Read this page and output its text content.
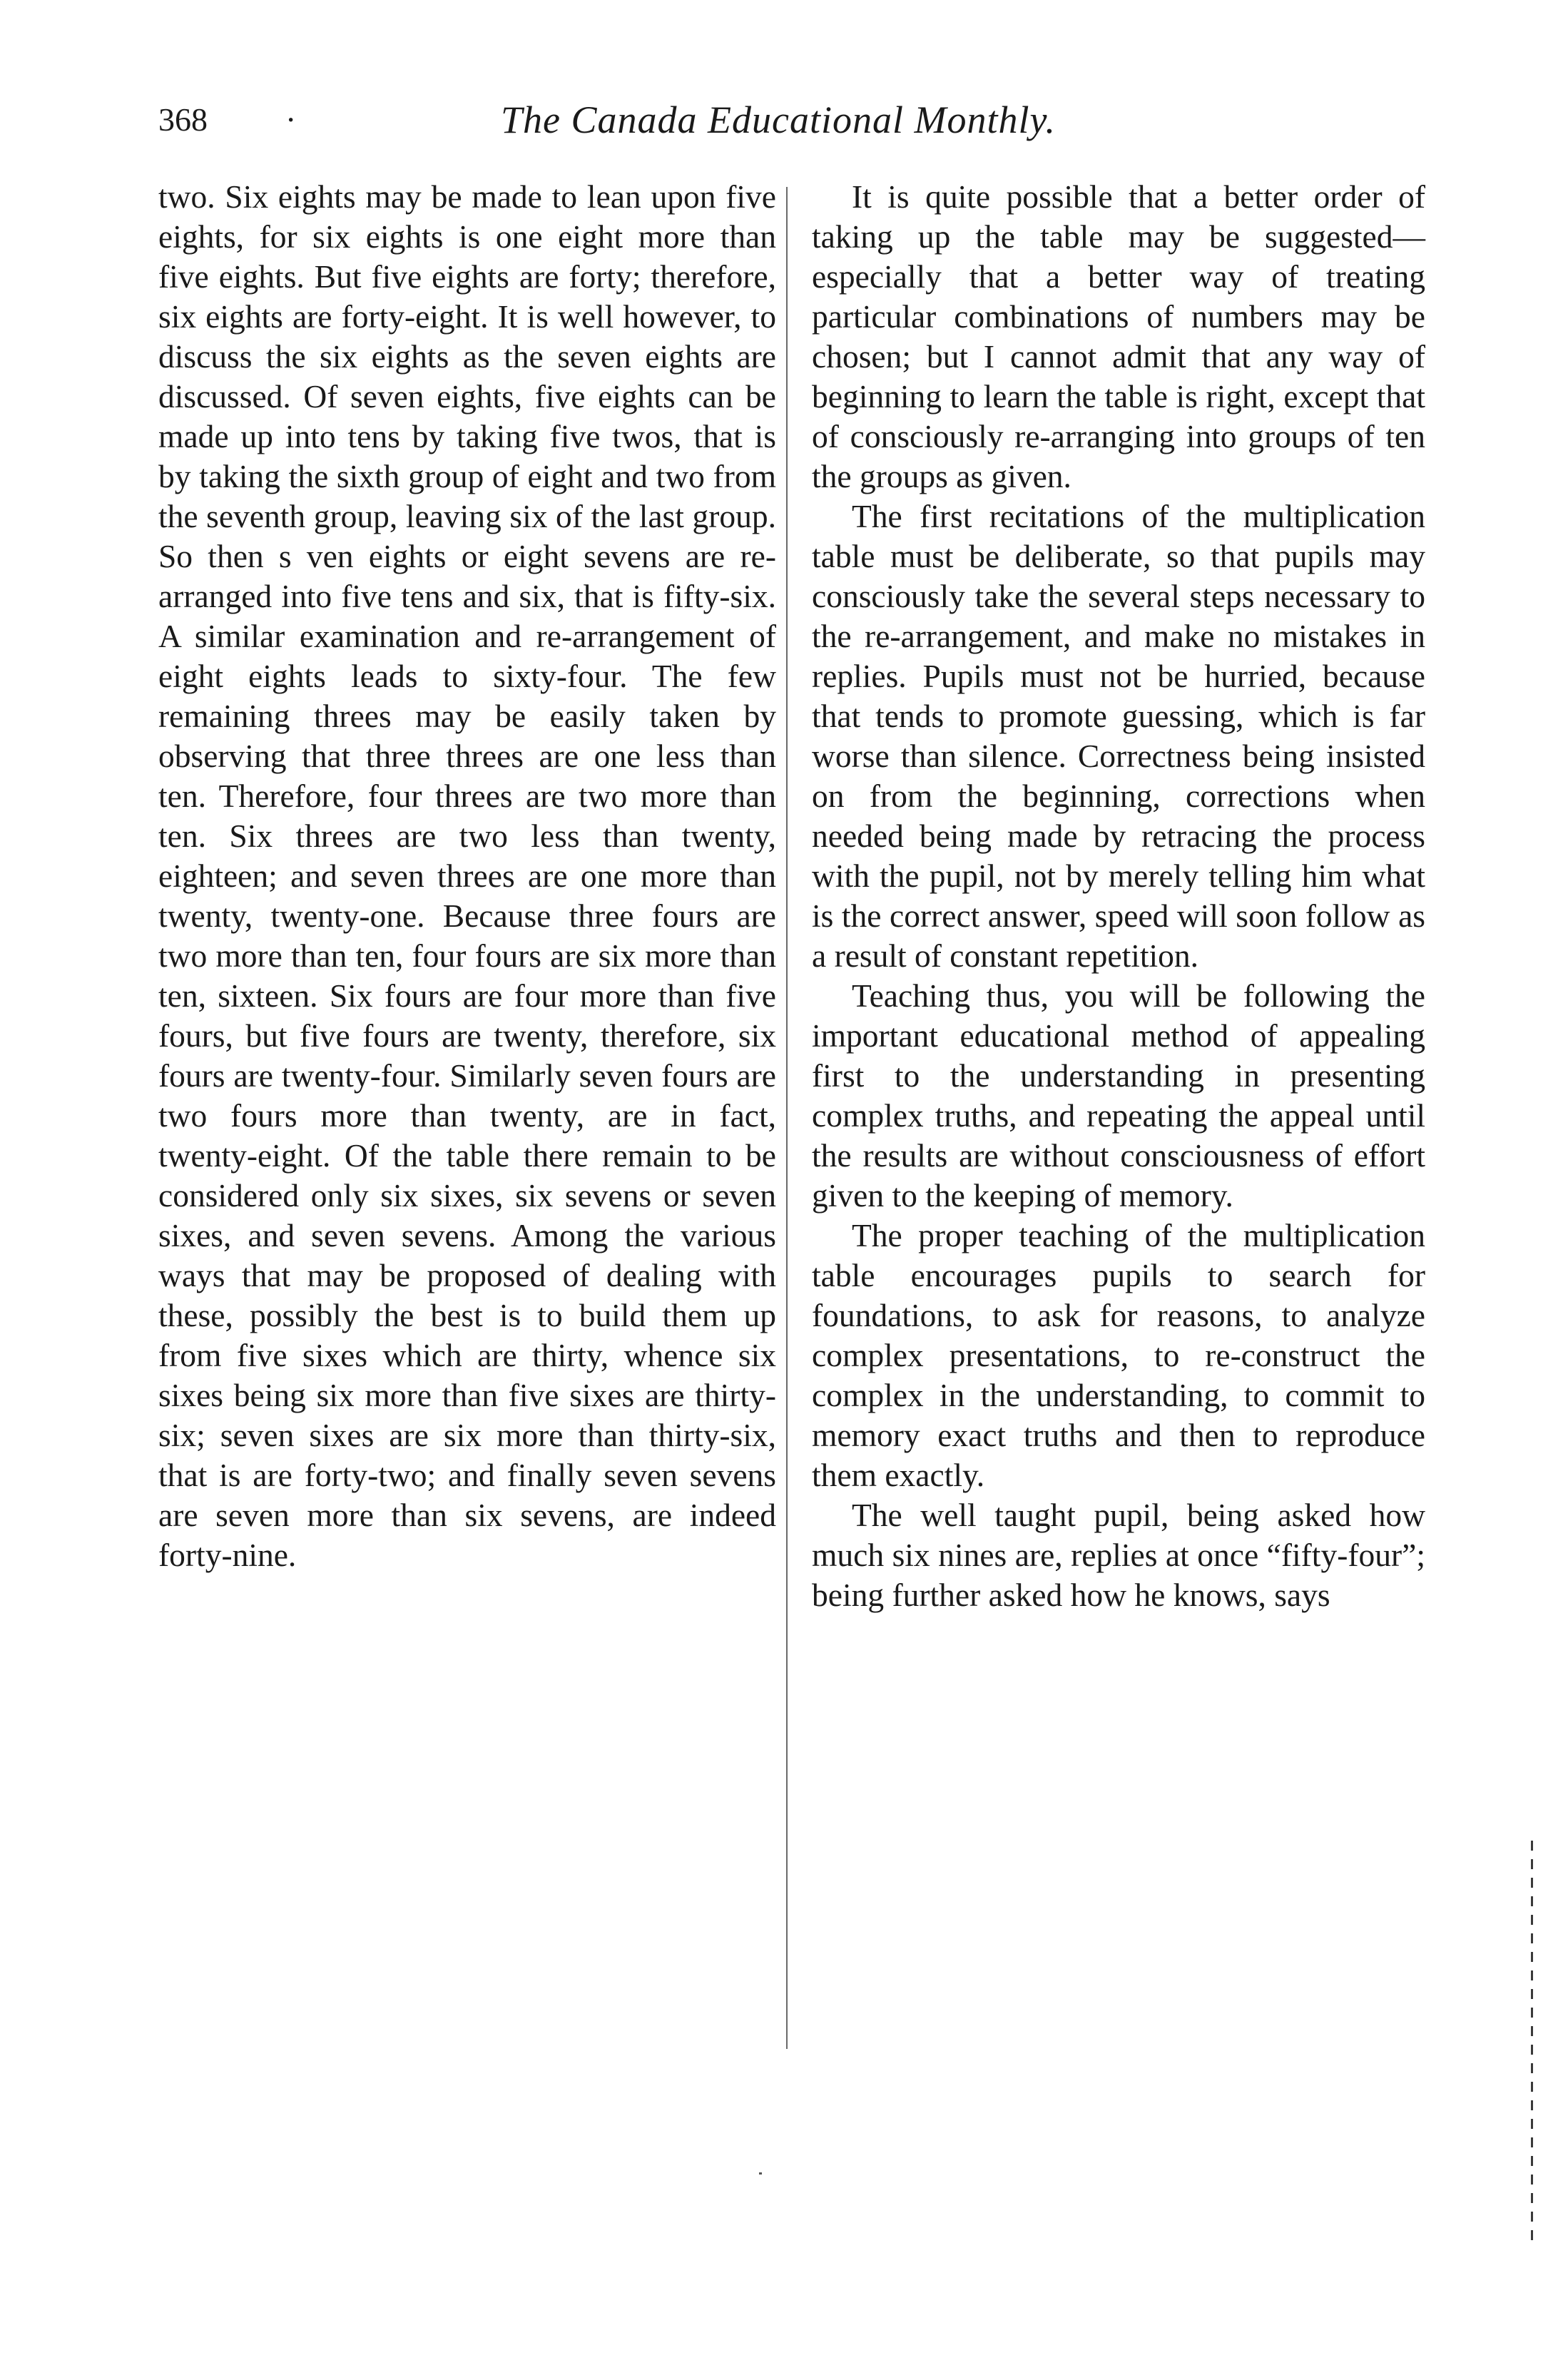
368 ·	The Canada Educational Monthly.

two. Six eights may be made to lean upon five eights, for six eights is one eight more than five eights. But five eights are forty; therefore, six eights are forty-eight. It is well however, to discuss the six eights as the seven eights are discussed. Of seven eights, five eights can be made up into tens by taking five twos, that is by taking the sixth group of eight and two from the seventh group, leaving six of the last group. So then s ven eights or eight sevens are re-arranged into five tens and six, that is fifty-six. A similar examination and re-arrangement of eight eights leads to sixty-four. The few remaining threes may be easily taken by observing that three threes are one less than ten. Therefore, four threes are two more than ten. Six threes are two less than twenty, eighteen; and seven threes are one more than twenty, twenty-one. Because three fours are two more than ten, four fours are six more than ten, sixteen. Six fours are four more than five fours, but five fours are twenty, therefore, six fours are twenty-four. Similarly seven fours are two fours more than twenty, are in fact, twenty-eight. Of the table there remain to be considered only six sixes, six sevens or seven sixes, and seven sevens. Among the various ways that may be proposed of dealing with these, possibly the best is to build them up from five sixes which are thirty, whence six sixes being six more than five sixes are thirty-six; seven sixes are six more than thirty-six, that is are forty-two; and finally seven sevens are seven more than six sevens, are indeed forty-nine.

It is quite possible that a better order of taking up the table may be suggested—especially that a better way of treating particular combinations of numbers may be chosen; but I cannot admit that any way of beginning to learn the table is right, except that of consciously re-arranging into groups of ten the groups as given.

The first recitations of the multiplication table must be deliberate, so that pupils may consciously take the several steps necessary to the re-arrangement, and make no mistakes in replies. Pupils must not be hurried, because that tends to promote guessing, which is far worse than silence. Correctness being insisted on from the beginning, corrections when needed being made by retracing the process with the pupil, not by merely telling him what is the correct answer, speed will soon follow as a result of constant repetition.

Teaching thus, you will be following the important educational method of appealing first to the understanding in presenting complex truths, and repeating the appeal until the results are without consciousness of effort given to the keeping of memory.

The proper teaching of the multiplication table encourages pupils to search for foundations, to ask for reasons, to analyze complex presentations, to re-construct the complex in the understanding, to commit to memory exact truths and then to reproduce them exactly.

The well taught pupil, being asked how much six nines are, replies at once “fifty-four”; being further asked how he knows, says
